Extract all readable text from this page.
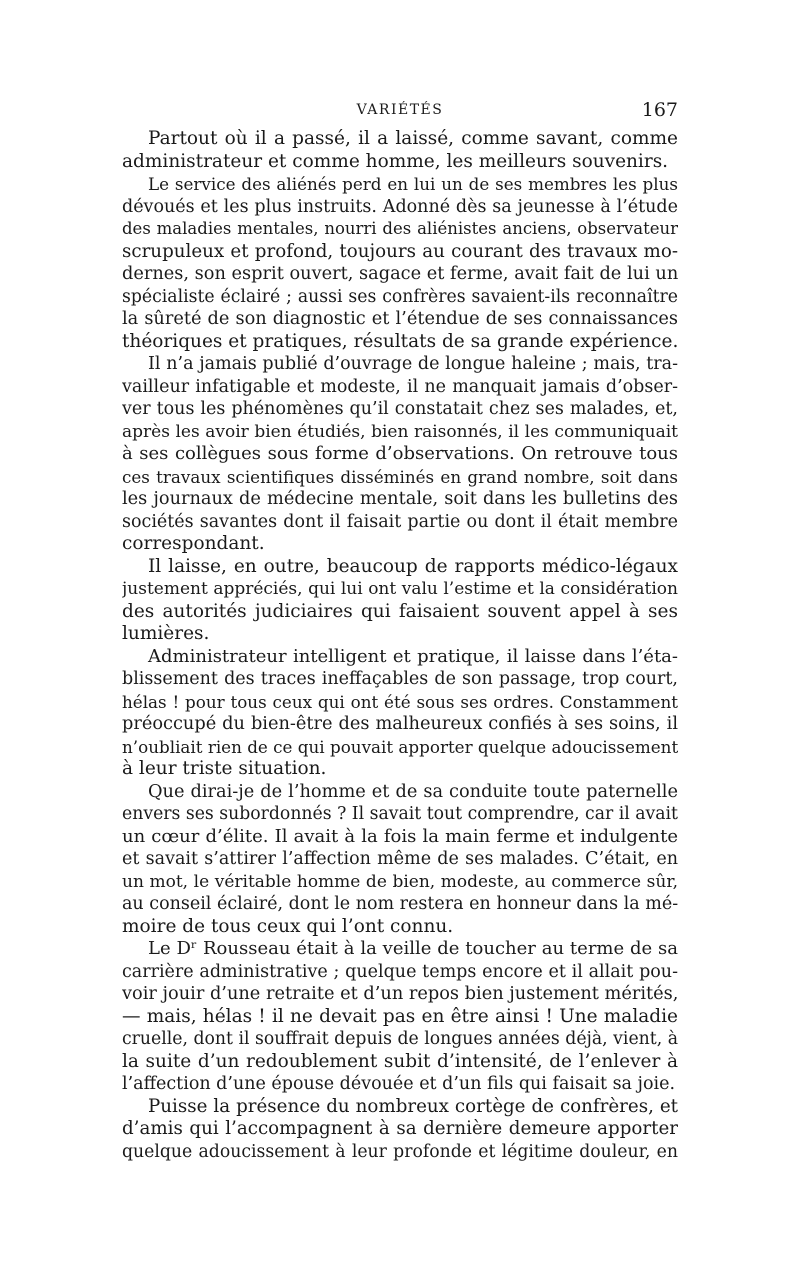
VARIÉTÉS	167
Partout où il a passé, il a laissé, comme savant, comme
administrateur et comme homme, les meilleurs souvenirs.
Le service des aliénés perd en lui un de ses membres les plus
dévoués et les plus instruits. Adonné dès sa jeunesse à l’étude
des maladies mentales, nourri des aliénistes anciens, observateur
scrupuleux et profond, toujours au courant des travaux mo-
dernes, son esprit ouvert, sagace et ferme, avait fait de lui un
spécialiste éclairé ; aussi ses confrères savaient-ils reconnaître
la sûreté de son diagnostic et l’étendue de ses connaissances
théoriques et pratiques, résultats de sa grande expérience.
Il n’a jamais publié d’ouvrage de longue haleine ; mais, tra-
vailleur infatigable et modeste, il ne manquait jamais d’obser-
ver tous les phénomènes qu’il constatait chez ses malades, et,
après les avoir bien étudiés, bien raisonnés, il les communiquait
à ses collègues sous forme d’observations. On retrouve tous
ces travaux scientifiques disséminés en grand nombre, soit dans
les journaux de médecine mentale, soit dans les bulletins des
sociétés savantes dont il faisait partie ou dont il était membre
correspondant.
Il laisse, en outre, beaucoup de rapports médico-légaux
justement appréciés, qui lui ont valu l’estime et la considération
des autorités judiciaires qui faisaient souvent appel à ses
lumières.
Administrateur intelligent et pratique, il laisse dans l’éta-
blissement des traces ineffaçables de son passage, trop court,
hélas ! pour tous ceux qui ont été sous ses ordres. Constamment
préoccupé du bien-être des malheureux confiés à ses soins, il
n’oubliait rien de ce qui pouvait apporter quelque adoucissement
à leur triste situation.
Que dirai-je de l’homme et de sa conduite toute paternelle
envers ses subordonnés ? Il savait tout comprendre, car il avait
un cœur d’élite. Il avait à la fois la main ferme et indulgente
et savait s’attirer l’affection même de ses malades. C’était, en
un mot, le véritable homme de bien, modeste, au commerce sûr,
au conseil éclairé, dont le nom restera en honneur dans la mé-
moire de tous ceux qui l’ont connu.
Le Dʳ Rousseau était à la veille de toucher au terme de sa
carrière administrative ; quelque temps encore et il allait pou-
voir jouir d’une retraite et d’un repos bien justement mérités,
— mais, hélas ! il ne devait pas en être ainsi ! Une maladie
cruelle, dont il souffrait depuis de longues années déjà, vient, à
la suite d’un redoublement subit d’intensité, de l’enlever à
l’affection d’une épouse dévouée et d’un fils qui faisait sa joie.
Puisse la présence du nombreux cortège de confrères, et
d’amis qui l’accompagnent à sa dernière demeure apporter
quelque adoucissement à leur profonde et légitime douleur, en
